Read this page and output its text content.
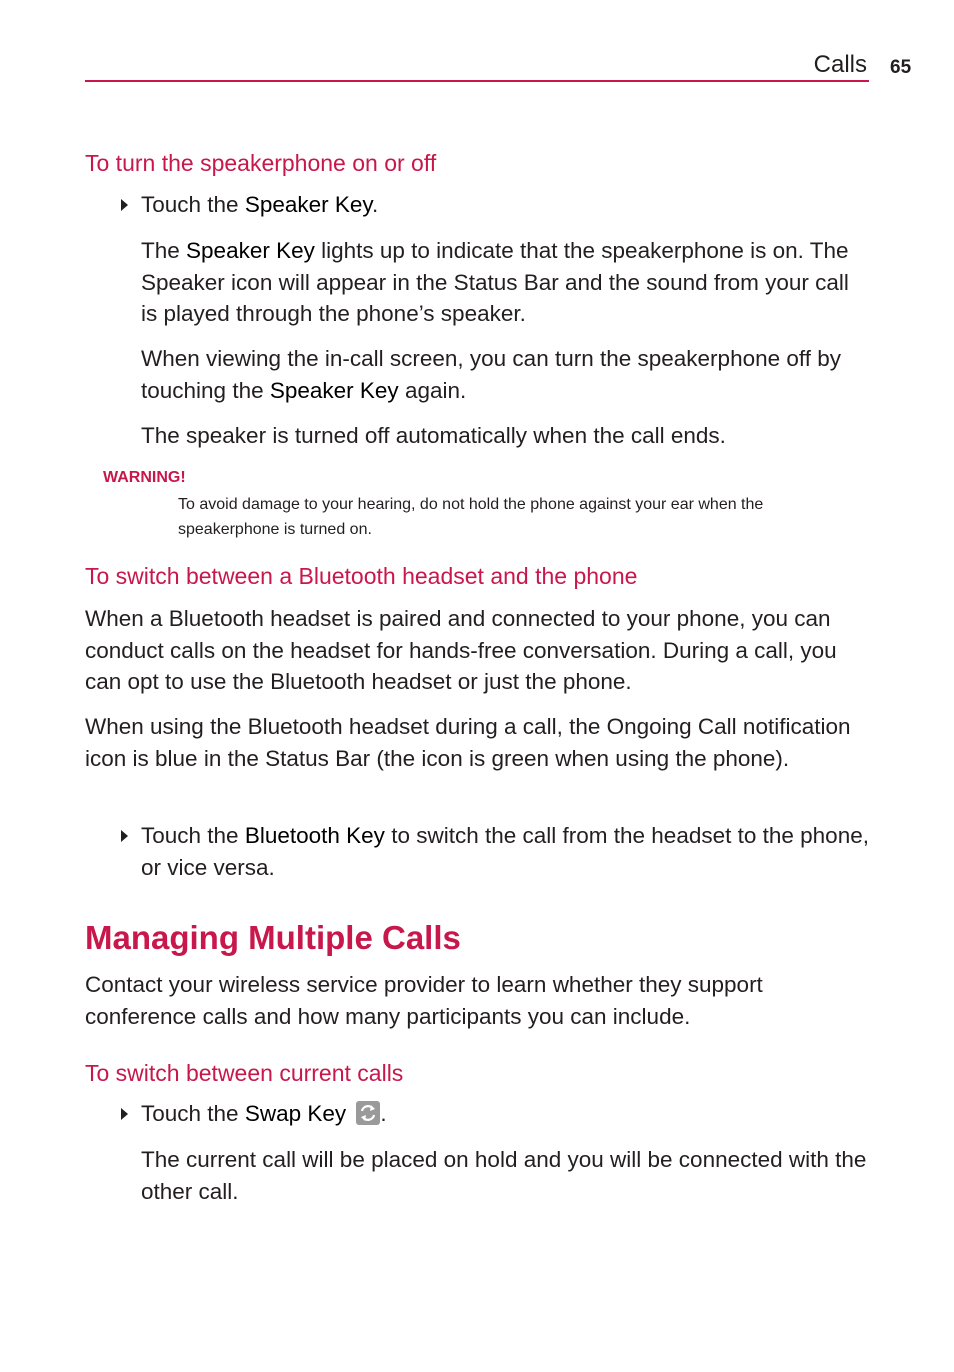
Calls 65
To turn the speakerphone on or off
Touch the Speaker Key.
The Speaker Key lights up to indicate that the speakerphone is on. The Speaker icon will appear in the Status Bar and the sound from your call is played through the phone’s speaker.
When viewing the in-call screen, you can turn the speakerphone off by touching the Speaker Key again.
The speaker is turned off automatically when the call ends.
WARNING!
To avoid damage to your hearing, do not hold the phone against your ear when the speakerphone is turned on.
To switch between a Bluetooth headset and the phone
When a Bluetooth headset is paired and connected to your phone, you can conduct calls on the headset for hands-free conversation. During a call, you can opt to use the Bluetooth headset or just the phone.
When using the Bluetooth headset during a call, the Ongoing Call notification icon is blue in the Status Bar (the icon is green when using the phone).
Touch the Bluetooth Key to switch the call from the headset to the phone, or vice versa.
Managing Multiple Calls
Contact your wireless service provider to learn whether they support conference calls and how many participants you can include.
To switch between current calls
Touch the Swap Key .
The current call will be placed on hold and you will be connected with the other call.
